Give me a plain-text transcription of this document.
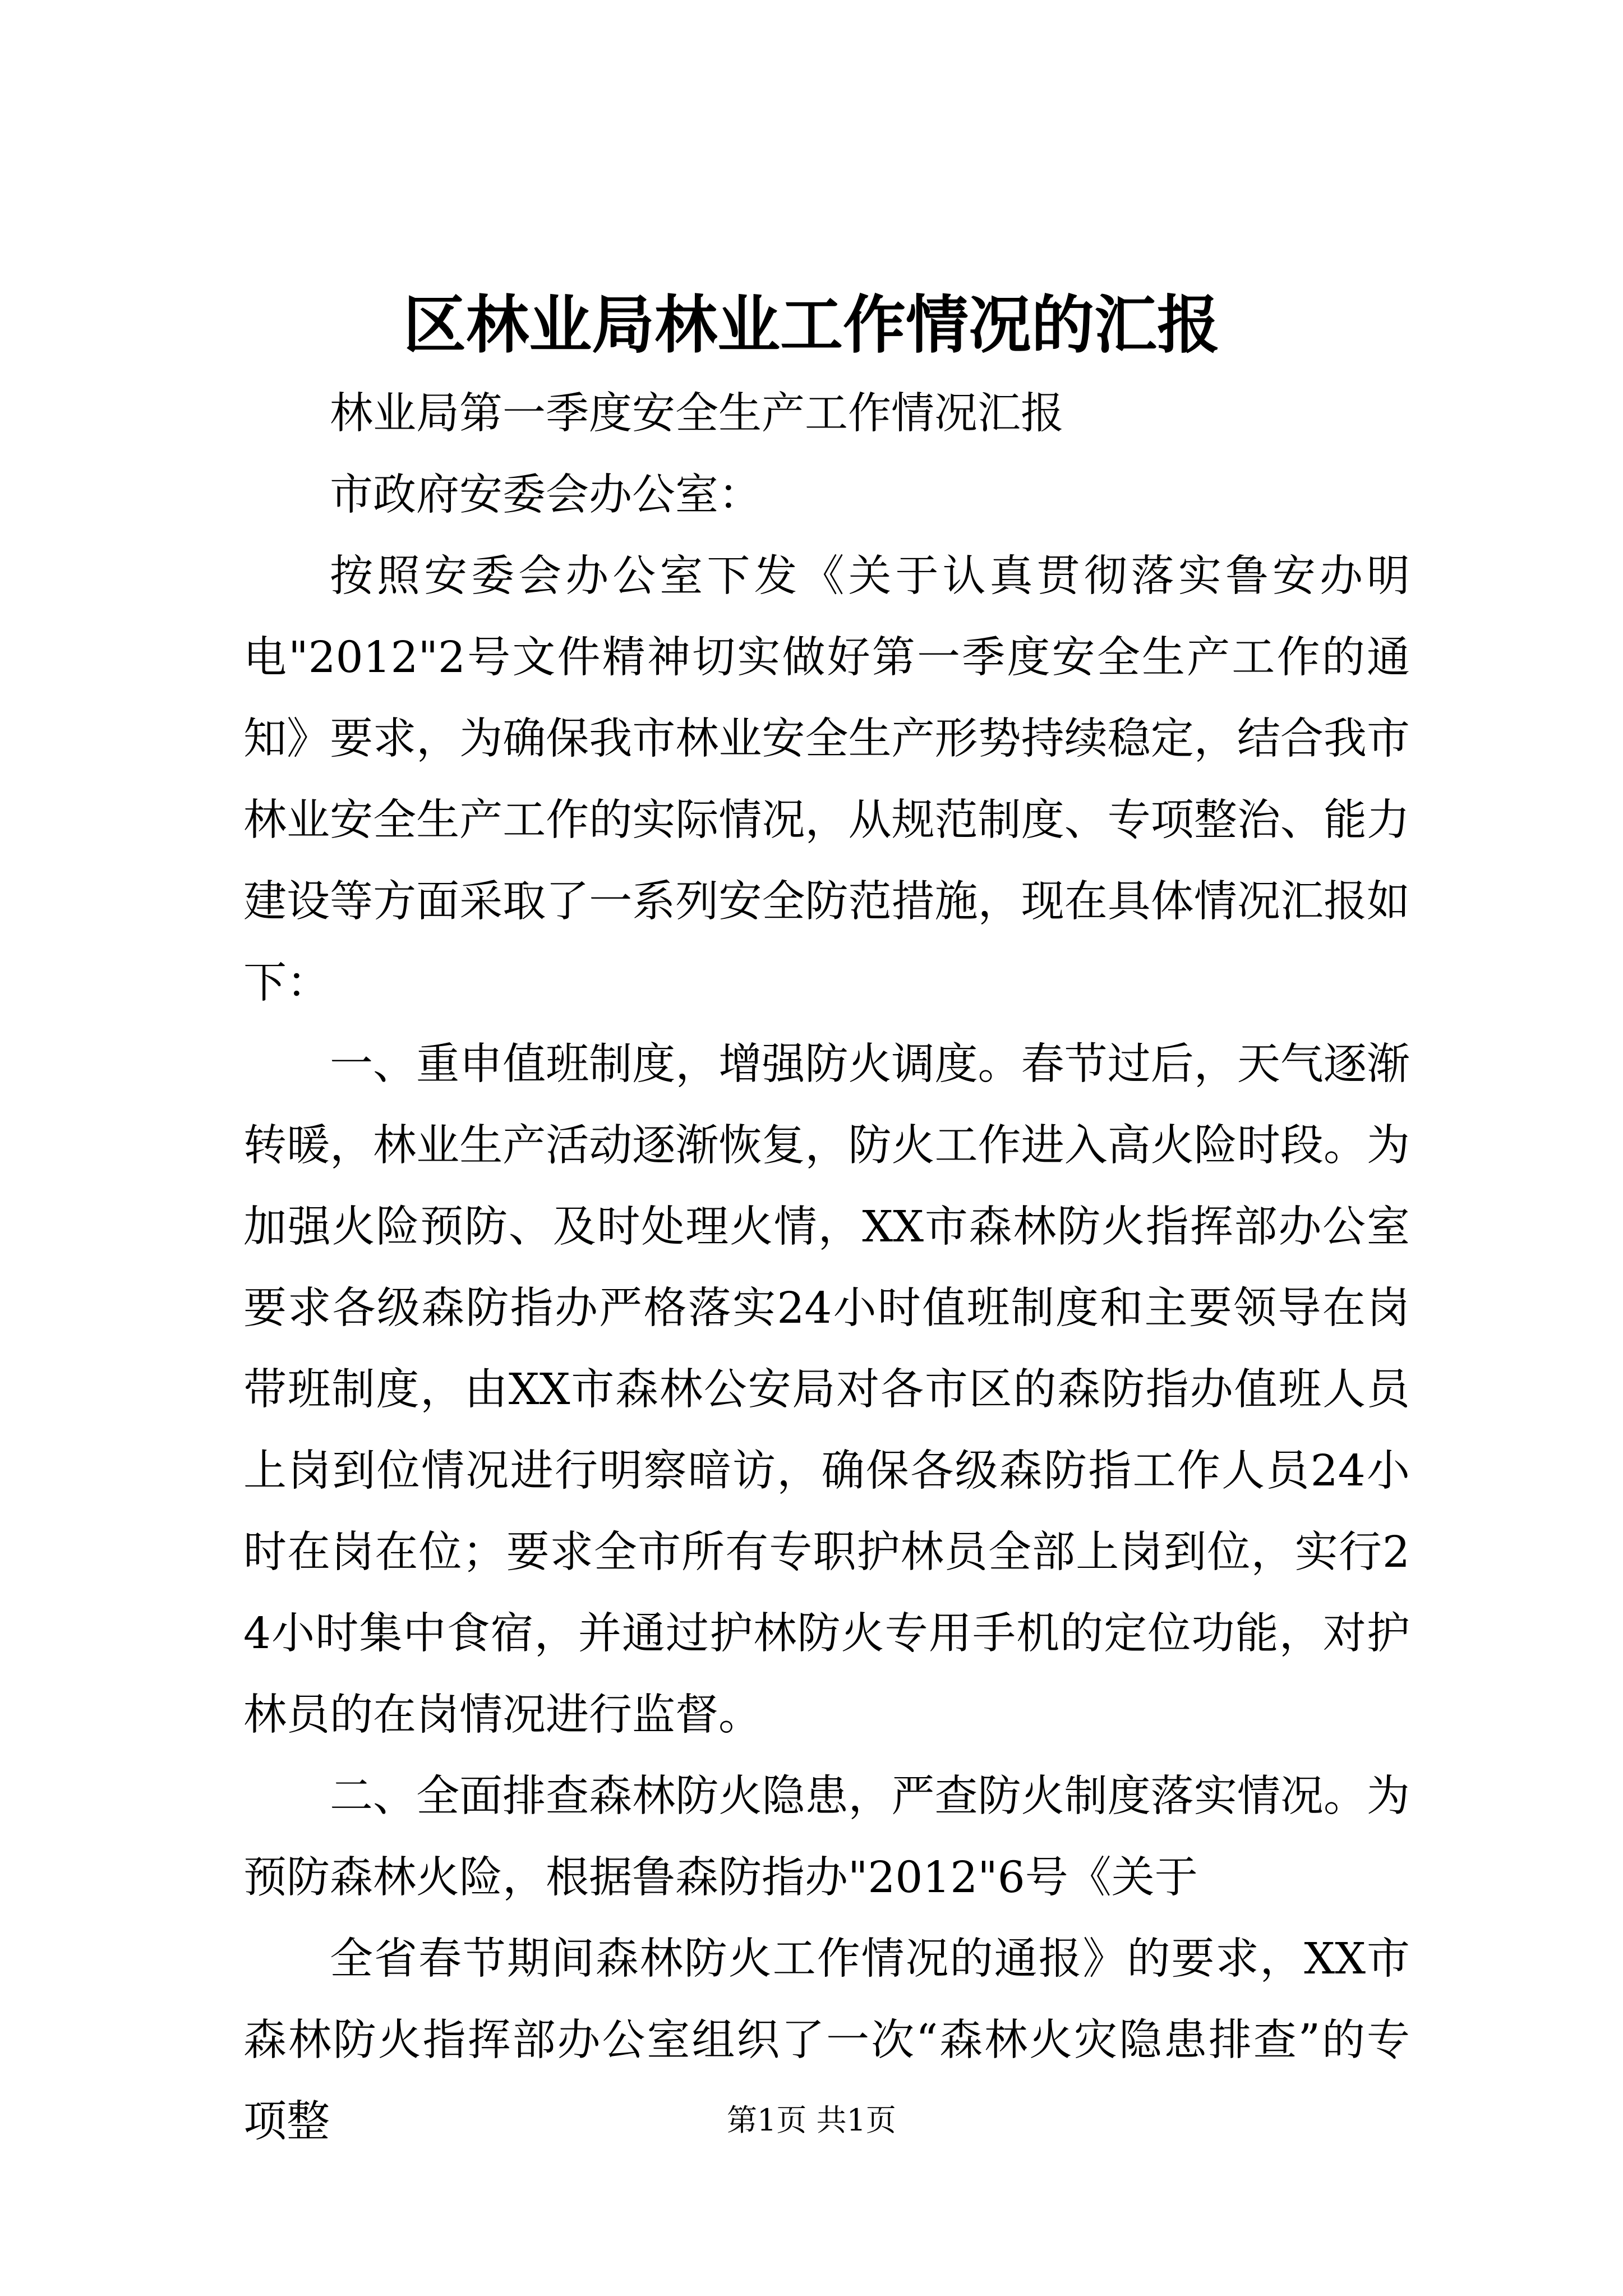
区林业局林业工作情况的汇报

林业局第一季度安全生产工作情况汇报

市政府安委会办公室：

按照安委会办公室下发《关于认真贯彻落实鲁安办明电"2012"2号文件精神切实做好第一季度安全生产工作的通知》要求，为确保我市林业安全生产形势持续稳定，结合我市林业安全生产工作的实际情况，从规范制度、专项整治、能力建设等方面采取了一系列安全防范措施，现在具体情况汇报如下：

一、重申值班制度，增强防火调度。春节过后，天气逐渐转暖，林业生产活动逐渐恢复，防火工作进入高火险时段。为加强火险预防、及时处理火情，XX市森林防火指挥部办公室要求各级森防指办严格落实24小时值班制度和主要领导在岗带班制度，由XX市森林公安局对各市区的森防指办值班人员上岗到位情况进行明察暗访，确保各级森防指工作人员24小时在岗在位；要求全市所有专职护林员全部上岗到位，实行24小时集中食宿，并通过护林防火专用手机的定位功能，对护林员的在岗情况进行监督。

二、全面排查森林防火隐患，严查防火制度落实情况。为预防森林火险，根据鲁森防指办"2012"6号《关于

全省春节期间森林防火工作情况的通报》的要求，XX市森林防火指挥部办公室组织了一次“森林火灾隐患排查”的专项整	第1页 共1页
